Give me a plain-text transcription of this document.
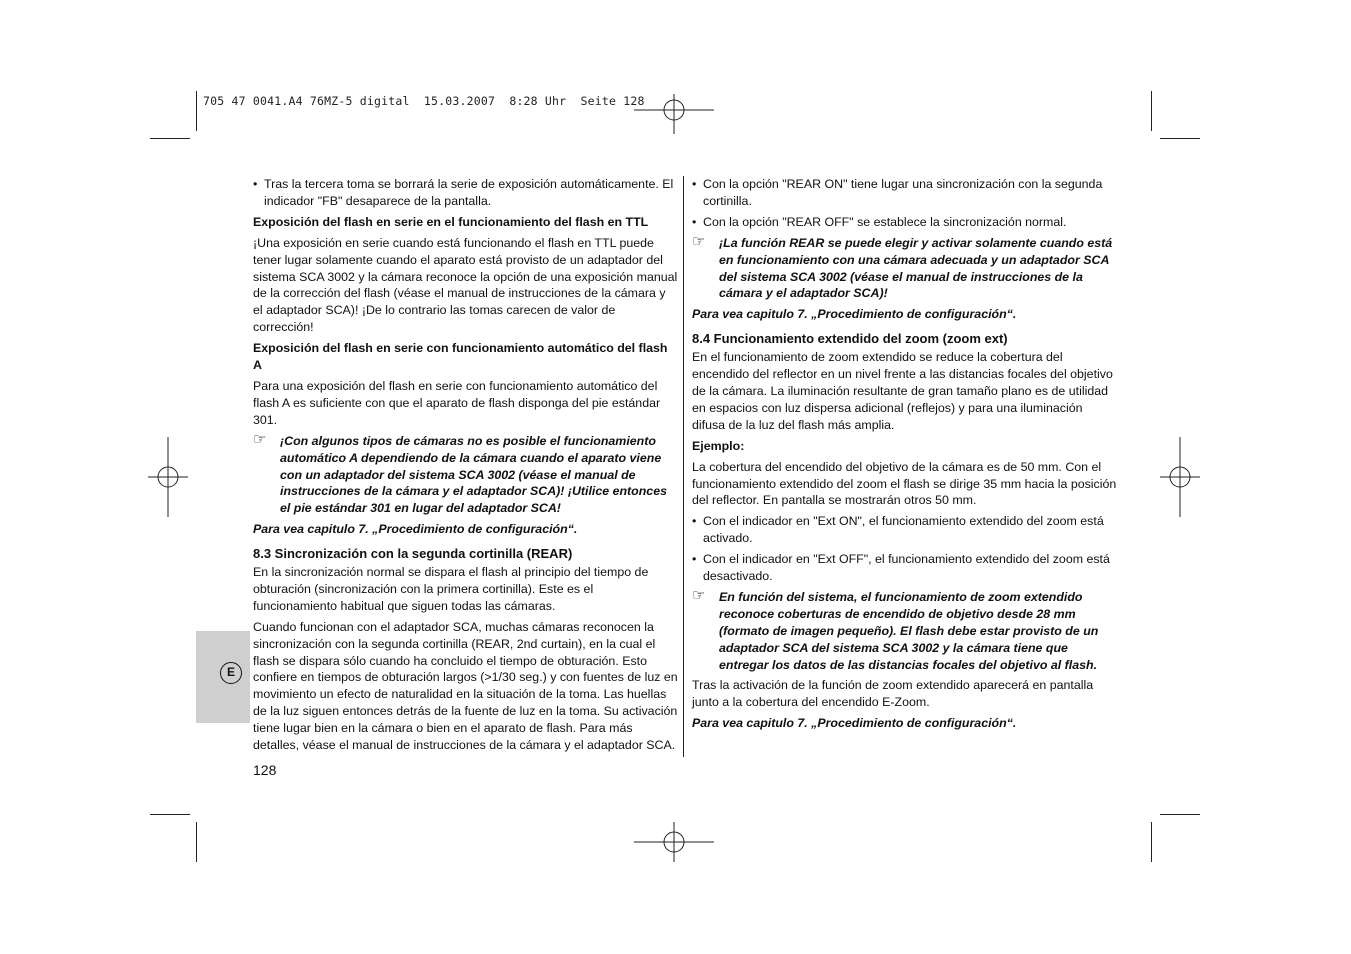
705 47 0041.A4 76MZ-5 digital  15.03.2007  8:28 Uhr  Seite 128
E

• Tras la tercera toma se borrará la serie de exposición automáticamente. El indicador "FB" desaparece de la pantalla.

Exposición del flash en serie en el funcionamiento del flash en TTL

¡Una exposición en serie cuando está funcionando el flash en TTL puede tener lugar solamente cuando el aparato está provisto de un adaptador del sistema SCA 3002 y la cámara reconoce la opción de una exposición manual de la corrección del flash (véase el manual de instrucciones de la cámara y el adaptador SCA)! ¡De lo contrario las tomas carecen de valor de corrección!

Exposición del flash en serie con funcionamiento automático del flash A

Para una exposición del flash en serie con funcionamiento automático del flash A es suficiente con que el aparato de flash disponga del pie estándar 301.

☞ ¡Con algunos tipos de cámaras no es posible el funcionamiento automático A dependiendo de la cámara cuando el aparato viene con un adaptador del sistema SCA 3002 (véase el manual de instrucciones de la cámara y el adaptador SCA)! ¡Utilice entonces el pie estándar 301 en lugar del adaptador SCA!

Para vea capitulo 7. „Procedimiento de configuración“.

8.3 Sincronización con la segunda cortinilla (REAR)

En la sincronización normal se dispara el flash al principio del tiempo de obturación (sincronización con la primera cortinilla). Este es el funcionamiento habitual que siguen todas las cámaras.

Cuando funcionan con el adaptador SCA, muchas cámaras reconocen la sincronización con la segunda cortinilla (REAR, 2nd curtain), en la cual el flash se dispara sólo cuando ha concluido el tiempo de obturación. Esto confiere en tiempos de obturación largos (>1/30 seg.) y con fuentes de luz en movimiento un efecto de naturalidad en la situación de la toma. Las huellas de la luz siguen entonces detrás de la fuente de luz en la toma. Su activación tiene lugar bien en la cámara o bien en el aparato de flash. Para más detalles, véase el manual de instrucciones de la cámara y el adaptador SCA.

• Con la opción "REAR ON" tiene lugar una sincronización con la segunda cortinilla.

• Con la opción "REAR OFF" se establece la sincronización normal.

☞ ¡La función REAR se puede elegir y activar solamente cuando está en funcionamiento con una cámara adecuada y un adaptador SCA del sistema SCA 3002 (véase el manual de instrucciones de la cámara y el adaptador SCA)!

Para vea capitulo 7. „Procedimiento de configuración“.

8.4 Funcionamiento extendido del zoom (zoom ext)

En el funcionamiento de zoom extendido se reduce la cobertura del encendido del reflector en un nivel frente a las distancias focales del objetivo de la cámara. La iluminación resultante de gran tamaño plano es de utilidad en espacios con luz dispersa adicional (reflejos) y para una iluminación difusa de la luz del flash más amplia.

Ejemplo:

La cobertura del encendido del objetivo de la cámara es de 50 mm. Con el funcionamiento extendido del zoom el flash se dirige 35 mm hacia la posición del reflector. En pantalla se mostrarán otros 50 mm.

• Con el indicador en "Ext ON", el funcionamiento extendido del zoom está activado.

• Con el indicador en "Ext OFF", el funcionamiento extendido del zoom está desactivado.

☞ En función del sistema, el funcionamiento de zoom extendido reconoce coberturas de encendido de objetivo desde 28 mm (formato de imagen pequeño). El flash debe estar provisto de un adaptador SCA del sistema SCA 3002 y la cámara tiene que entregar los datos de las distancias focales del objetivo al flash.

Tras la activación de la función de zoom extendido aparecerá en pantalla junto a la cobertura del encendido E-Zoom.

Para vea capitulo 7. „Procedimiento de configuración“.

128
